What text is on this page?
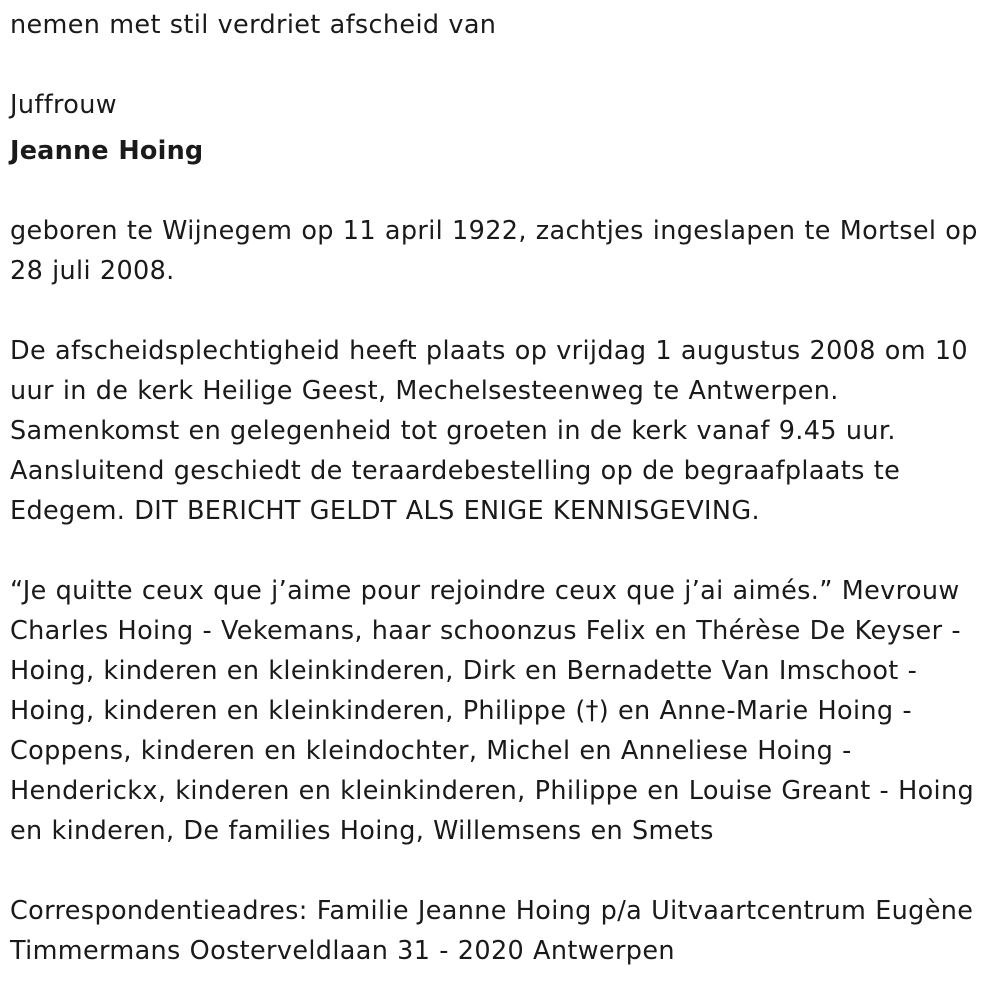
nemen met stil verdriet afscheid van

Juffrouw

Jeanne Hoing

geboren te Wijnegem op 11 april 1922, zachtjes ingeslapen te Mortsel op 28 juli 2008.

De afscheidsplechtigheid heeft plaats op vrijdag 1 augustus 2008 om 10 uur in de kerk Heilige Geest, Mechelsesteenweg te Antwerpen. Samenkomst en gelegenheid tot groeten in de kerk vanaf 9.45 uur. Aansluitend geschiedt de teraardebestelling op de begraafplaats te Edegem. DIT BERICHT GELDT ALS ENIGE KENNISGEVING.

“Je quitte ceux que j’aime pour rejoindre ceux que j’ai aimés.” Mevrouw Charles Hoing - Vekemans, haar schoonzus Felix en Thérèse De Keyser - Hoing, kinderen en kleinkinderen, Dirk en Bernadette Van Imschoot - Hoing, kinderen en kleinkinderen, Philippe (†) en Anne-Marie Hoing - Coppens, kinderen en kleindochter, Michel en Anneliese Hoing - Henderickx, kinderen en kleinkinderen, Philippe en Louise Greant - Hoing en kinderen, De families Hoing, Willemsens en Smets

Correspondentieadres: Familie Jeanne Hoing p/a Uitvaartcentrum Eugène Timmermans Oosterveldlaan 31 - 2020 Antwerpen
